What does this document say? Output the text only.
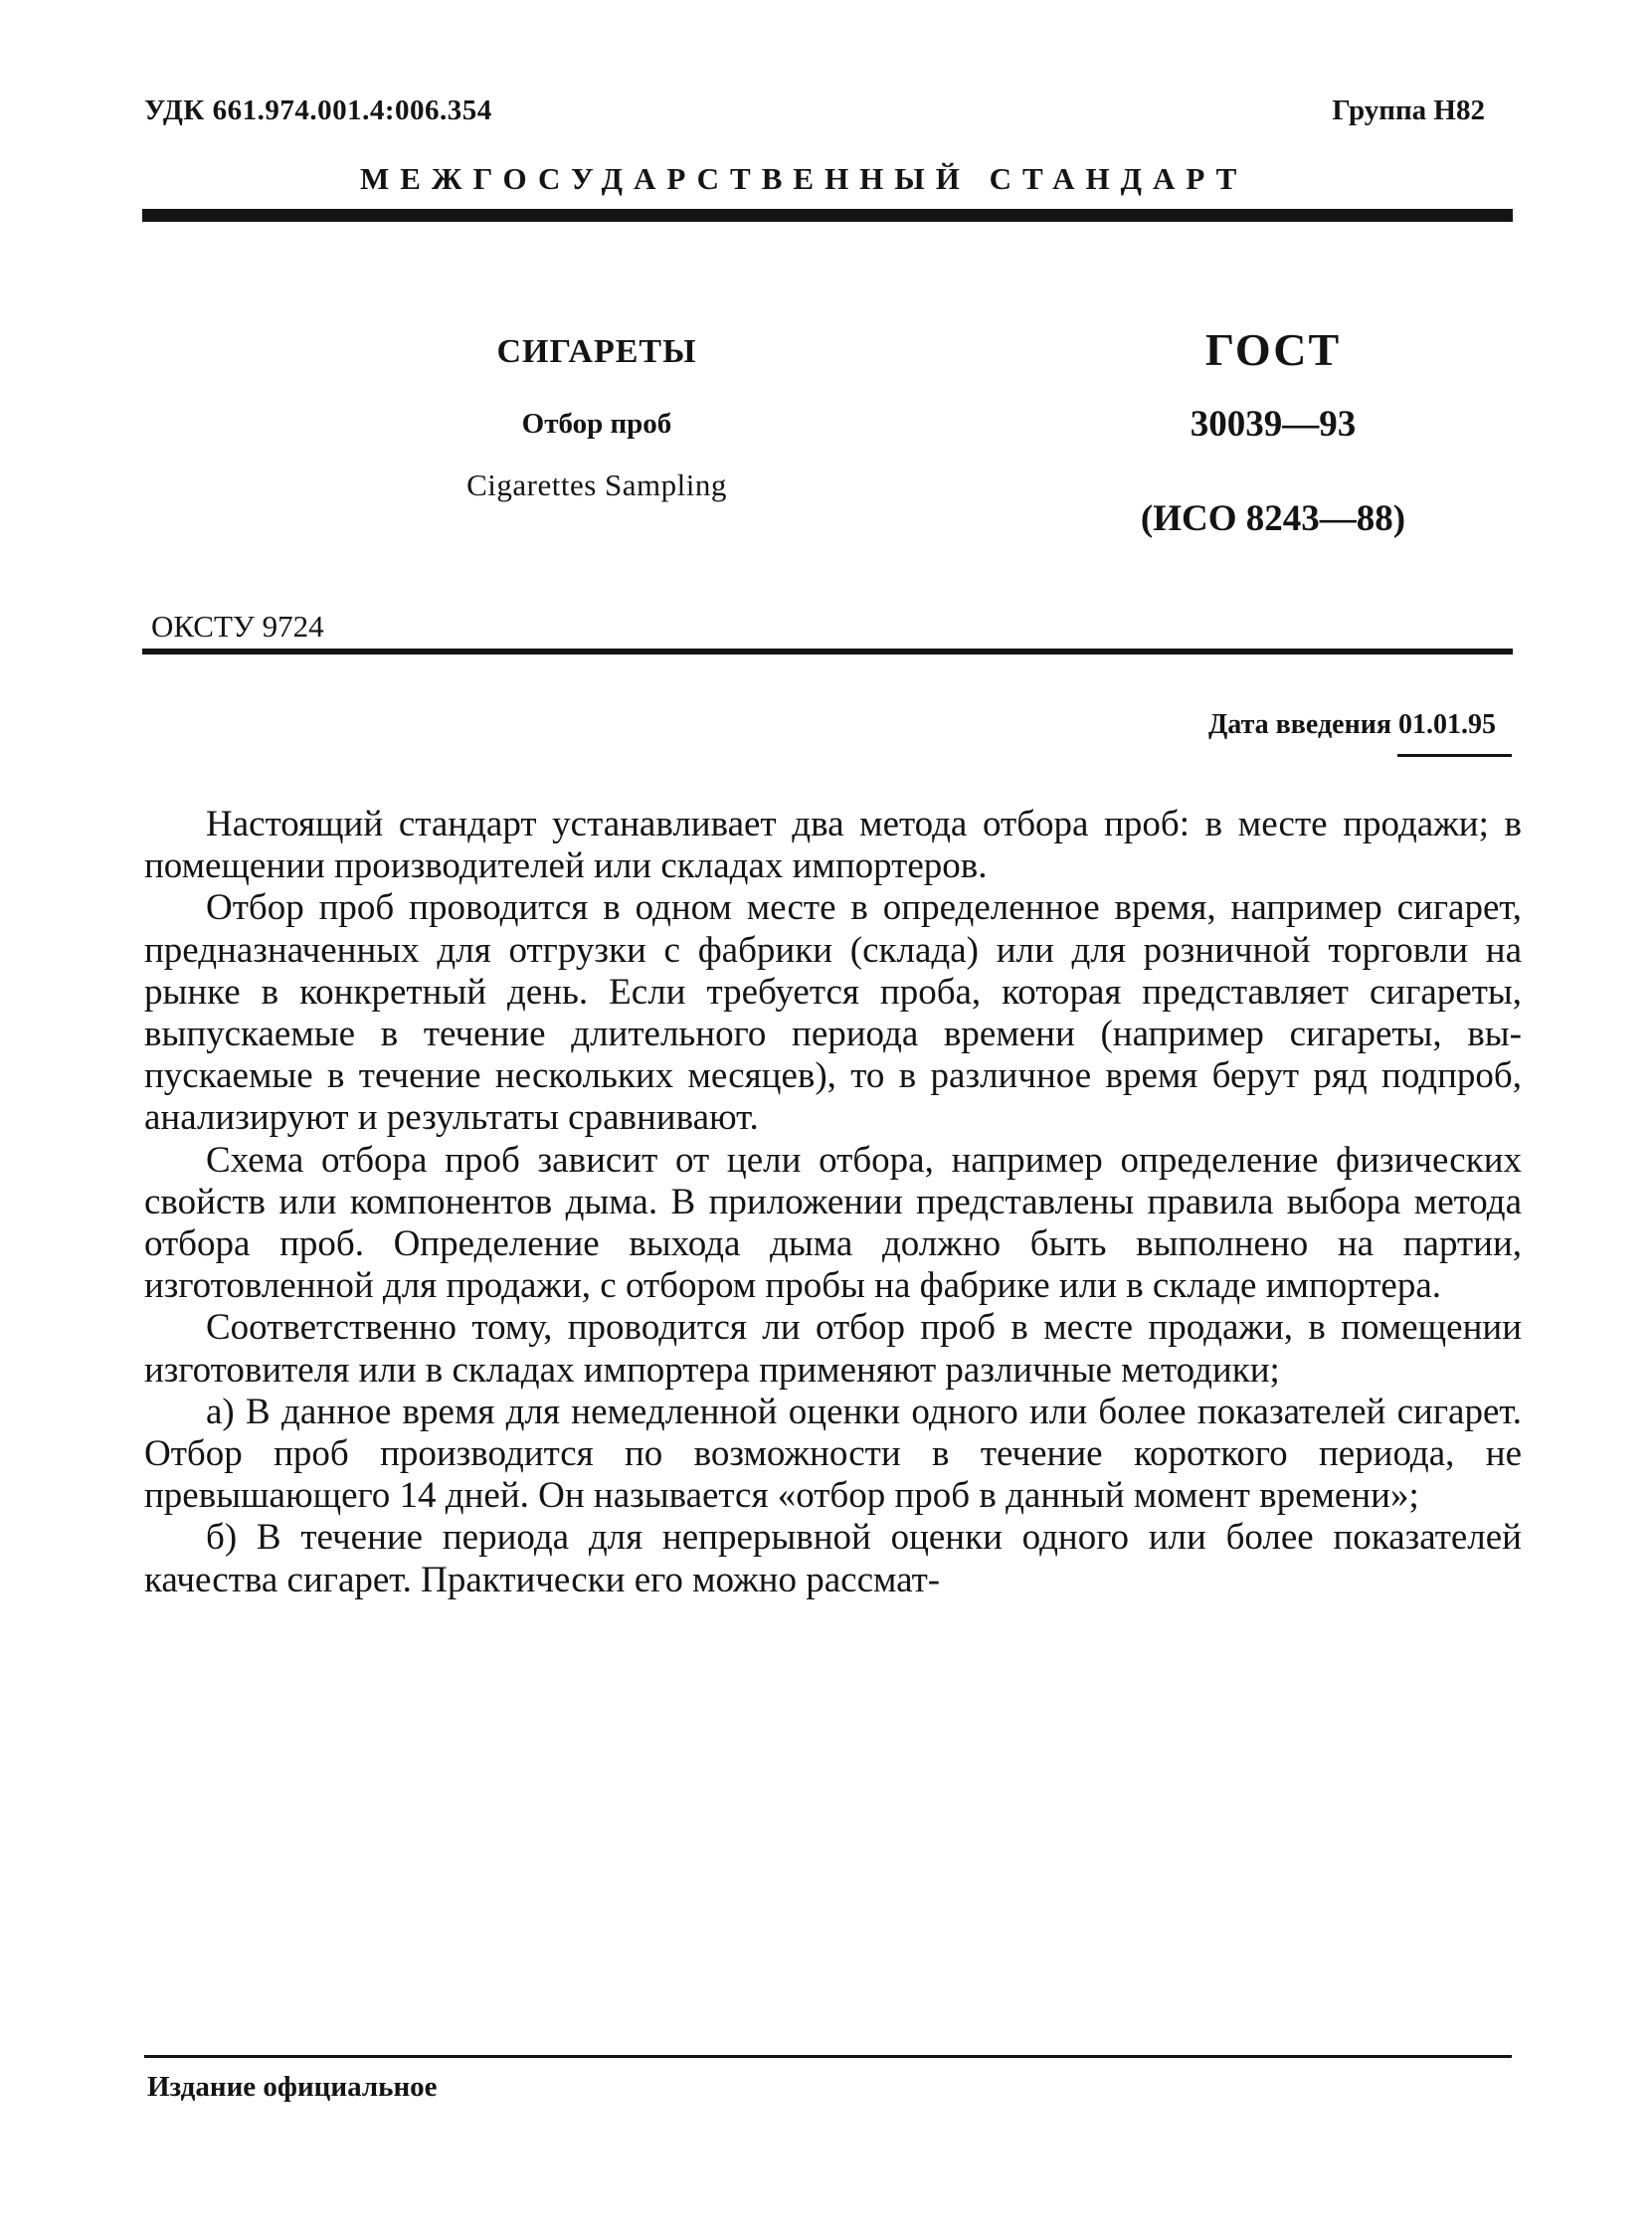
УДК 661.974.001.4:006.354	Группа Н82
МЕЖГОСУДАРСТВЕННЫЙ СТАНДАРТ
СИГАРЕТЫ
Отбор проб
Cigarettes Sampling
ГОСТ
30039—93
(ИСО 8243—88)
ОКСТУ 9724
Дата введения 01.01.95

Настоящий стандарт устанавливает два метода отбора проб: в месте продажи; в помещении производителей или складах импортеров.

Отбор проб проводится в одном месте в определенное время, например сигарет, предназначенных для отгрузки с фабрики (склада) или для розничной торговли на рынке в конкретный день. Если требуется проба, которая представляет сигареты, выпускаемые в течение длительного периода времени (например сигареты, выпускаемые в течение нескольких месяцев), то в различное время берут ряд подпроб, анализируют и результаты сравнивают.

Схема отбора проб зависит от цели отбора, например определение физических свойств или компонентов дыма. В приложении представлены правила выбора метода отбора проб. Определение выхода дыма должно быть выполнено на партии, изготовленной для продажи, с отбором пробы на фабрике или в складе импортера.

Соответственно тому, проводится ли отбор проб в месте продажи, в помещении изготовителя или в складах импортера применяют различные методики;

а) В данное время для немедленной оценки одного или более показателей сигарет. Отбор проб производится по возможности в течение короткого периода, не превышающего 14 дней. Он называется «отбор проб в данный момент времени»;

б) В течение периода для непрерывной оценки одного или более показателей качества сигарет. Практически его можно рассмат-

Издание официальное
